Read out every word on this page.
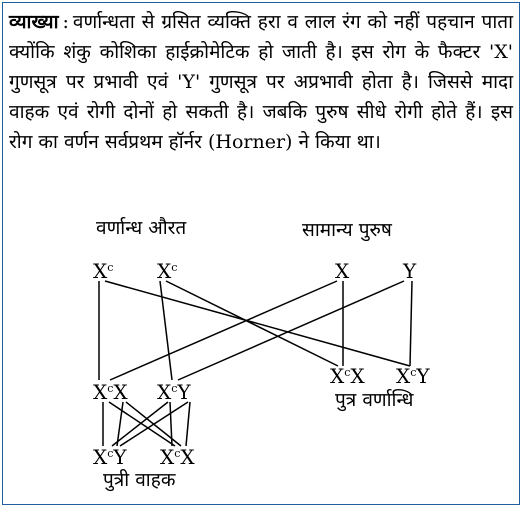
व्याख्या : वर्णान्धता से ग्रसित व्यक्ति हरा व लाल रंग को नहीं पहचान पाता क्योंकि शंकु कोशिका हाईक्रोमेटिक हो जाती है। इस रोग के फैक्टर 'X' गुणसूत्र पर प्रभावी एवं 'Y' गुणसूत्र पर अप्रभावी होता है। जिससे मादा वाहक एवं रोगी दोनों हो सकती है। जबकि पुरुष सीधे रोगी होते हैं। इस रोग का वर्णन सर्वप्रथम हॉर्नर (Horner) ने किया था।
वर्णान्ध औरत	सामान्य पुरुष
$X^c$ $X^c$	X	Y
$X^cX$ $X^cY$
$X^cX$ $X^cY$
पुत्र वर्णान्धि
$X^cY$ $X^cX$
पुत्री वाहक
